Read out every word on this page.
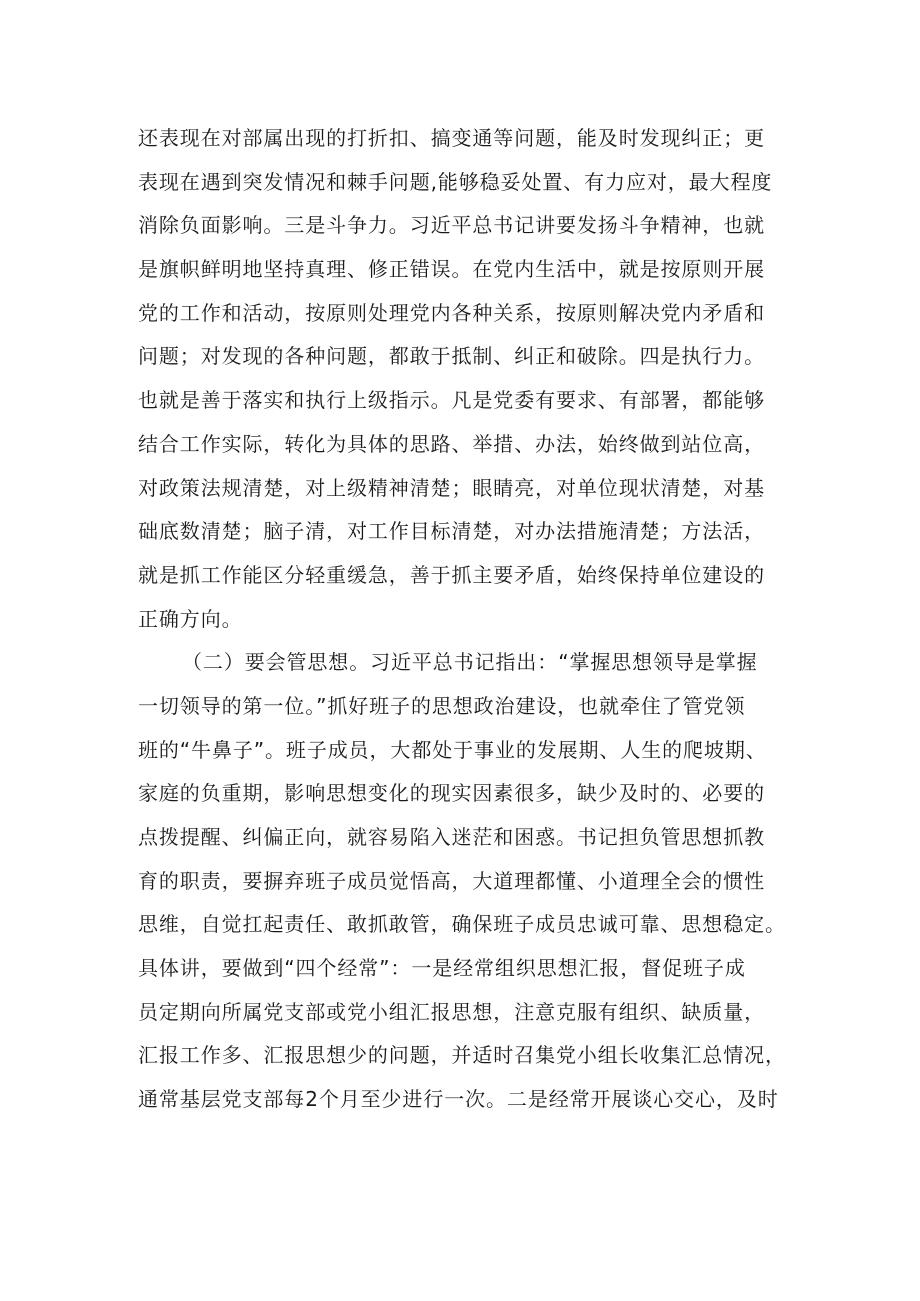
还表现在对部属出现的打折扣、搞变通等问题，能及时发现纠正；更
表现在遇到突发情况和棘手问题,能够稳妥处置、有力应对，最大程度
消除负面影响。三是斗争力。习近平总书记讲要发扬斗争精神，也就
是旗帜鲜明地坚持真理、修正错误。在党内生活中，就是按原则开展
党的工作和活动，按原则处理党内各种关系，按原则解决党内矛盾和
问题；对发现的各种问题，都敢于抵制、纠正和破除。四是执行力。
也就是善于落实和执行上级指示。凡是党委有要求、有部署，都能够
结合工作实际，转化为具体的思路、举措、办法，始终做到站位高，
对政策法规清楚，对上级精神清楚；眼睛亮，对单位现状清楚，对基
础底数清楚；脑子清，对工作目标清楚，对办法措施清楚；方法活，
就是抓工作能区分轻重缓急，善于抓主要矛盾，始终保持单位建设的
正确方向。
（二）要会管思想。习近平总书记指出：“掌握思想领导是掌握
一切领导的第一位。”抓好班子的思想政治建设，也就牵住了管党领
班的“牛鼻子”。班子成员，大都处于事业的发展期、人生的爬坡期、
家庭的负重期，影响思想变化的现实因素很多，缺少及时的、必要的
点拨提醒、纠偏正向，就容易陷入迷茫和困惑。书记担负管思想抓教
育的职责，要摒弃班子成员觉悟高，大道理都懂、小道理全会的惯性
思维，自觉扛起责任、敢抓敢管，确保班子成员忠诚可靠、思想稳定。
具体讲，要做到“四个经常”：一是经常组织思想汇报，督促班子成
员定期向所属党支部或党小组汇报思想，注意克服有组织、缺质量，
汇报工作多、汇报思想少的问题，并适时召集党小组长收集汇总情况，
通常基层党支部每2个月至少进行一次。二是经常开展谈心交心，及时
